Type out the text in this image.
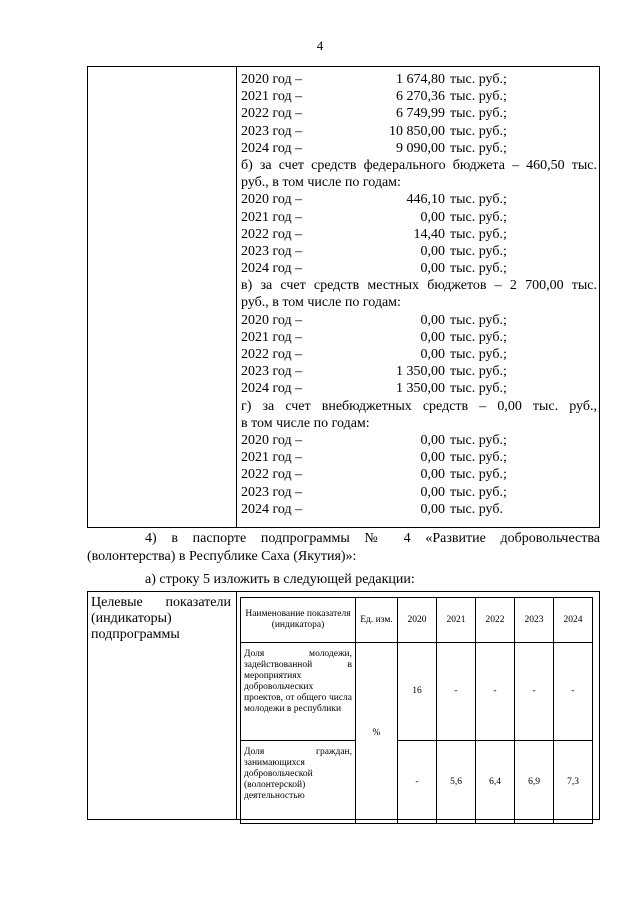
4
2020 год –	1 674,80 тыс. руб.;
2021 год –	6 270,36 тыс. руб.;
2022 год –	6 749,99 тыс. руб.;
2023 год –	10 850,00 тыс. руб.;
2024 год –	9 090,00 тыс. руб.;
б) за счет средств федерального бюджета – 460,50 тыс.
руб., в том числе по годам:
2020 год –	446,10 тыс. руб.;
2021 год –	0,00 тыс. руб.;
2022 год –	14,40 тыс. руб.;
2023 год –	0,00 тыс. руб.;
2024 год –	0,00 тыс. руб.;
в) за счет средств местных бюджетов – 2 700,00 тыс.
руб., в том числе по годам:
2020 год –	0,00 тыс. руб.;
2021 год –	0,00 тыс. руб.;
2022 год –	0,00 тыс. руб.;
2023 год –	1 350,00 тыс. руб.;
2024 год –	1 350,00 тыс. руб.;
г) за счет внебюджетных средств – 0,00 тыс. руб.,
в том числе по годам:
2020 год –	0,00 тыс. руб.;
2021 год –	0,00 тыс. руб.;
2022 год –	0,00 тыс. руб.;
2023 год –	0,00 тыс. руб.;
2024 год –	0,00 тыс. руб.
4) в паспорте подпрограммы № 4 «Развитие добровольчества
(волонтерства) в Республике Саха (Якутия)»:
а) строку 5 изложить в следующей редакции:
Целевые показатели
(индикаторы)
подпрограммы
Наименование показателя (индикатора)	Ед. изм.	2020	2021	2022	2023	2024
Доля молодежи, задействованной в мероприятиях добровольческих проектов, от общего числа молодежи в республики	%	16	-	-	-	-
Доля граждан, занимающихся добровольческой (волонтерской) деятельностью		-	5,6	6,4	6,9	7,3
